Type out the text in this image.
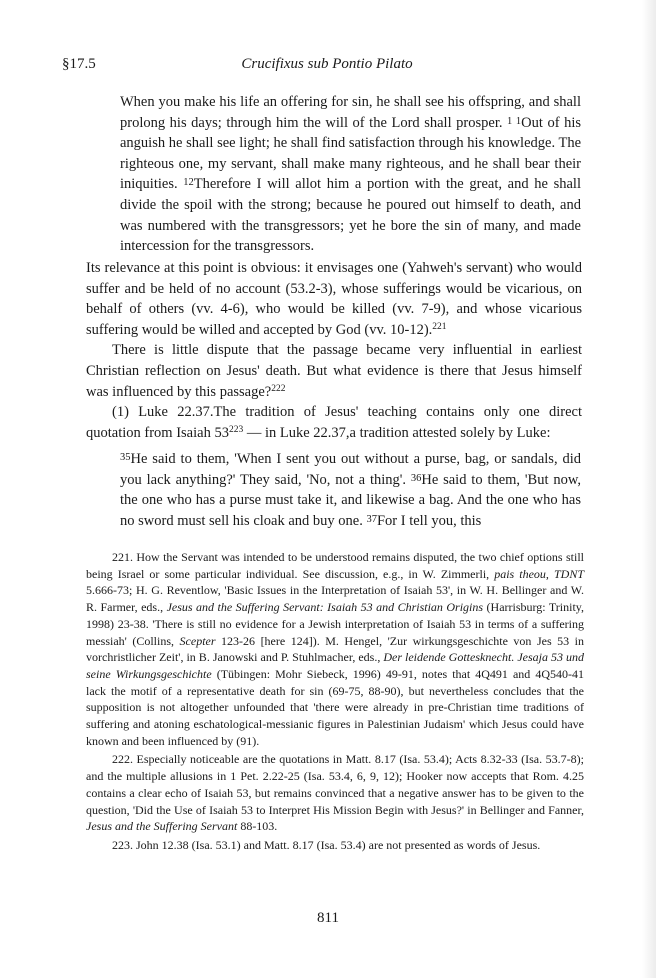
§17.5	Crucifixus sub Pontio Pilato
When you make his life an offering for sin, he shall see his offspring, and shall prolong his days; through him the will of the Lord shall prosper. $^{1 1}$Out of his anguish he shall see light; he shall find satisfaction through his knowledge. The righteous one, my servant, shall make many righteous, and he shall bear their iniquities. $^{12}$Therefore I will allot him a portion with the great, and he shall divide the spoil with the strong; because he poured out himself to death, and was numbered with the transgressors; yet he bore the sin of many, and made intercession for the transgressors.

Its relevance at this point is obvious: it envisages one (Yahweh's servant) who would suffer and be held of no account (53.2-3), whose sufferings would be vicarious, on behalf of others (vv. 4-6), who would be killed (vv. 7-9), and whose vicarious suffering would be willed and accepted by God (vv. 10-12).$^{221}$

There is little dispute that the passage became very influential in earliest Christian reflection on Jesus' death. But what evidence is there that Jesus himself was influenced by this passage?$^{222}$

(1) Luke 22.37.The tradition of Jesus' teaching contains only one direct quotation from Isaiah $53^{223}$ — in Luke 22.37,a tradition attested solely by Luke:

$^{35}$He said to them, 'When I sent you out without a purse, bag, or sandals, did you lack anything?' They said, 'No, not a thing'. $^{36}$He said to them, 'But now, the one who has a purse must take it, and likewise a bag. And the one who has no sword must sell his cloak and buy one. $^{37}$For I tell you, this

221. How the Servant was intended to be understood remains disputed, the two chief options still being Israel or some particular individual. See discussion, e.g., in W. Zimmerli, pais theou, TDNT 5.666-73; H. G. Reventlow, 'Basic Issues in the Interpretation of Isaiah 53', in W. H. Bellinger and W. R. Farmer, eds., Jesus and the Suffering Servant: Isaiah 53 and Christian Origins (Harrisburg: Trinity, 1998) 23-38. 'There is still no evidence for a Jewish interpretation of Isaiah 53 in terms of a suffering messiah' (Collins, Scepter 123-26 [here 124]). M. Hengel, 'Zur wirkungsgeschichte von Jes 53 in vorchristlicher Zeit', in B. Janowski and P. Stuhlmacher, eds., Der leidende Gottesknecht. Jesaja 53 und seine Wirkungsgeschichte (Tübingen: Mohr Siebeck, 1996) 49-91, notes that 4Q491 and 4Q540-41 lack the motif of a representative death for sin (69-75, 88-90), but nevertheless concludes that the supposition is not altogether unfounded that 'there were already in pre-Christian time traditions of suffering and atoning eschatological-messianic figures in Palestinian Judaism' which Jesus could have known and been influenced by (91).

222. Especially noticeable are the quotations in Matt. 8.17 (Isa. 53.4); Acts 8.32-33 (Isa. 53.7-8); and the multiple allusions in 1 Pet. 2.22-25 (Isa. 53.4, 6, 9, 12); Hooker now accepts that Rom. 4.25 contains a clear echo of Isaiah 53, but remains convinced that a negative answer has to be given to the question, 'Did the Use of Isaiah 53 to Interpret His Mission Begin with Jesus?' in Bellinger and Fanner, Jesus and the Suffering Servant 88-103.

223. John 12.38 (Isa. 53.1) and Matt. 8.17 (Isa. 53.4) are not presented as words of Jesus.

811
